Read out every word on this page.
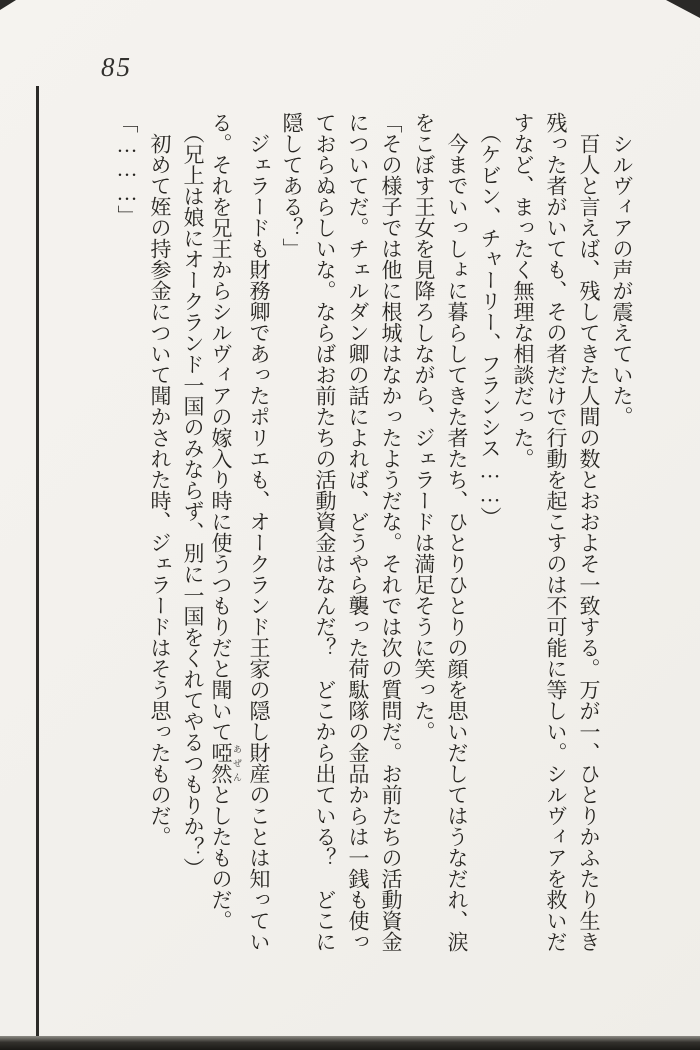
85
　シルヴィアの声が震えていた。
　百人と言えば、残してきた人間の数とおおよそ一致する。万が一、ひとりかふたり生き
残った者がいても、その者だけで行動を起こすのは不可能に等しい。シルヴィアを救いだ
すなど、まったく無理な相談だった。
　（ケビン、チャーリー、フランシス……）
　今までいっしょに暮らしてきた者たち、ひとりひとりの顔を思いだしてはうなだれ、涙
をこぼす王女を見降ろしながら、ジェラードは満足そうに笑った。
「その様子では他に根城はなかったようだな。それでは次の質問だ。お前たちの活動資金
についてだ。チェルダン卿の話によれば、どうやら襲った荷駄隊の金品からは一銭も使っ
ておらぬらしいな。ならばお前たちの活動資金はなんだ？　どこから出ている？　どこに
隠してある？」
　ジェラードも財務卿であったポリエも、オークランド王家の隠し財産のことは知ってい
る。それを兄王からシルヴィアの嫁入り時に使うつもりだと聞いて啞然 あぜんとしたものだ。
　（兄上は娘にオークランド一国のみならず、別に一国をくれてやるつもりか？）
　初めて姪の持参金について聞かされた時、ジェラードはそう思ったものだ。
「………」
